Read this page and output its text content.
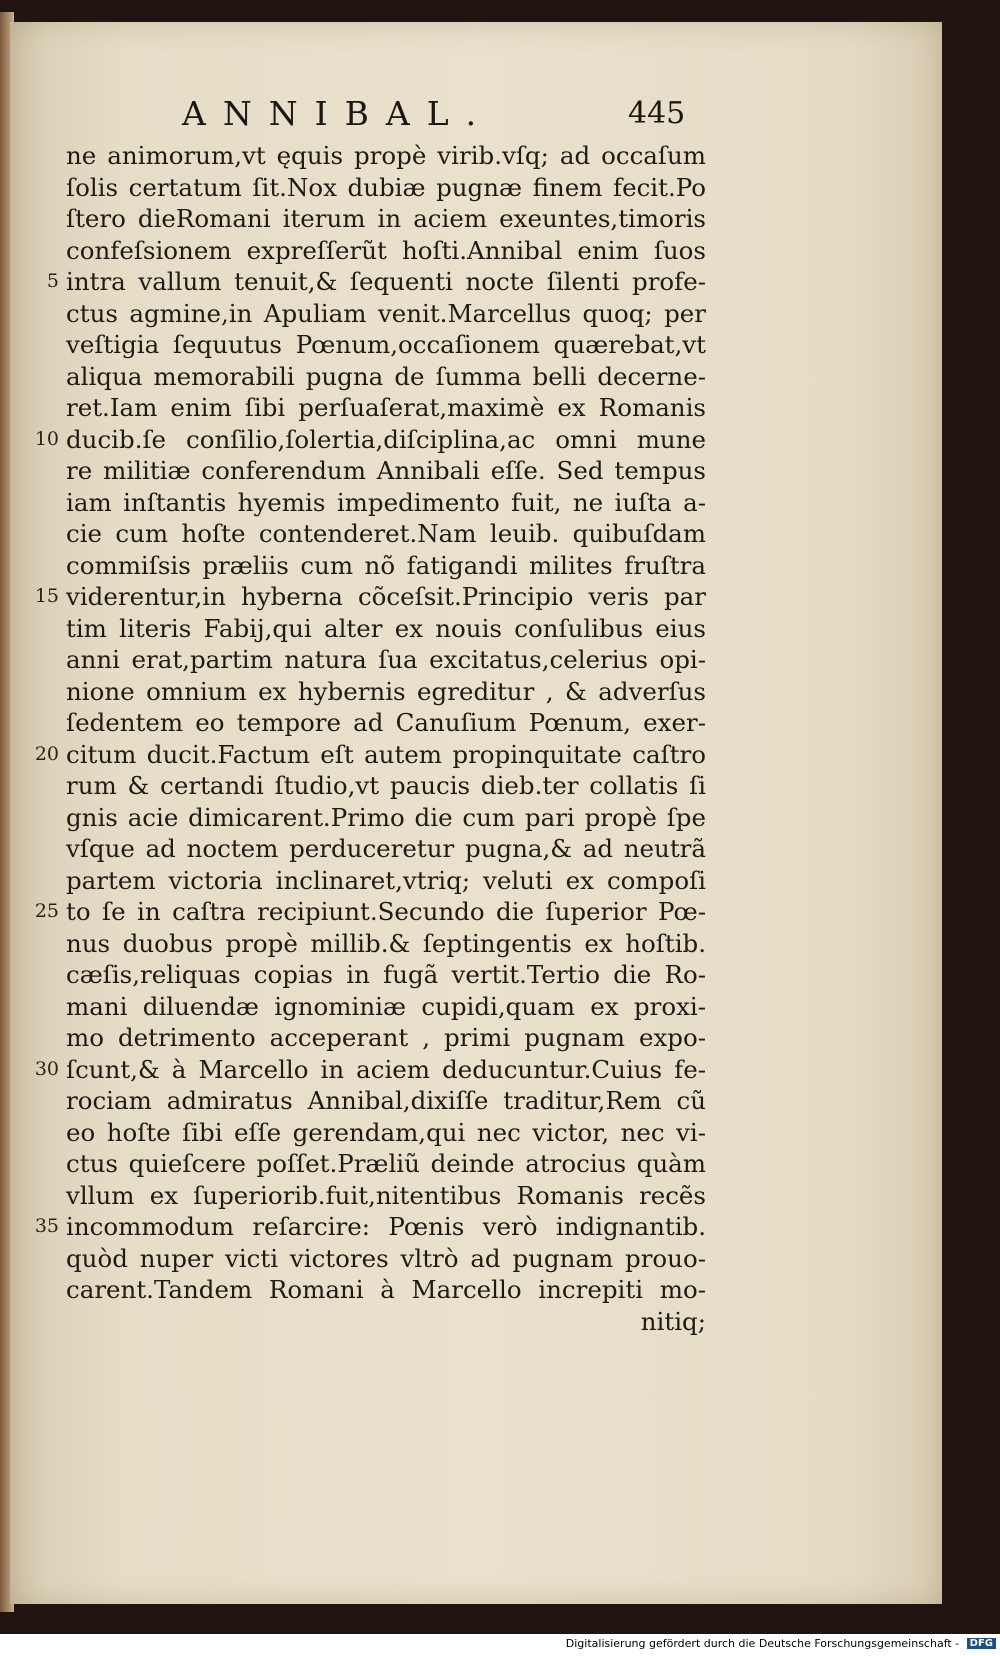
ANNIBAL.	445
ne animorum,vt ęquis propè virib.vſq; ad occaſum
ſolis certatum ſit.Nox dubiæ pugnæ finem fecit.Po
ſtero dieRomani iterum in aciem exeuntes,timoris
confeſsionem expreſſerũt hoſti.Annibal enim ſuos
intra vallum tenuit,& ſequenti nocte ſilenti profe-
5
ctus agmine,in Apuliam venit.Marcellus quoq; per
veſtigia ſequutus Pœnum,occaſionem quærebat,vt
aliqua memorabili pugna de ſumma belli decerne-
ret.Iam enim ſibi perſuaſerat,maximè ex Romanis
ducib.ſe conſilio,ſolertia,diſciplina,ac omni mune
10
re militiæ conferendum Annibali eſſe. Sed tempus
iam inſtantis hyemis impedimento fuit, ne iuſta a-
cie cum hoſte contenderet.Nam leuib. quibuſdam
commiſsis præliis cum nõ fatigandi milites fruſtra
viderentur,in hyberna cõceſsit.Principio veris par
15
tim literis Fabij,qui alter ex nouis conſulibus eius
anni erat,partim natura ſua excitatus,celerius opi-
nione omnium ex hybernis egreditur , & adverſus
ſedentem eo tempore ad Canuſium Pœnum, exer-
citum ducit.Factum eſt autem propinquitate caſtro
20
rum & certandi ſtudio,vt paucis dieb.ter collatis ſi
gnis acie dimicarent.Primo die cum pari propè ſpe
vſque ad noctem perduceretur pugna,& ad neutrã
partem victoria inclinaret,vtriq; veluti ex compoſi
to ſe in caſtra recipiunt.Secundo die ſuperior Pœ-
25
nus duobus propè millib.& ſeptingentis ex hoſtib.
cæſis,reliquas copias in fugã vertit.Tertio die Ro-
mani diluendæ ignominiæ cupidi,quam ex proxi-
mo detrimento acceperant , primi pugnam expo-
ſcunt,& à Marcello in aciem deducuntur.Cuius fe-
30
rociam admiratus Annibal,dixiſſe traditur,Rem cũ
eo hoſte ſibi eſſe gerendam,qui nec victor, nec vi-
ctus quieſcere poſſet.Præliũ deinde atrocius quàm
vllum ex ſuperiorib.fuit,nitentibus Romanis recẽs
incommodum reſarcire: Pœnis verò indignantib.
35
quòd nuper victi victores vltrò ad pugnam prouo-
carent.Tandem Romani à Marcello increpiti mo-
nitiq;
Digitalisierung gefördert durch die Deutsche Forschungsgemeinschaft - DFG
